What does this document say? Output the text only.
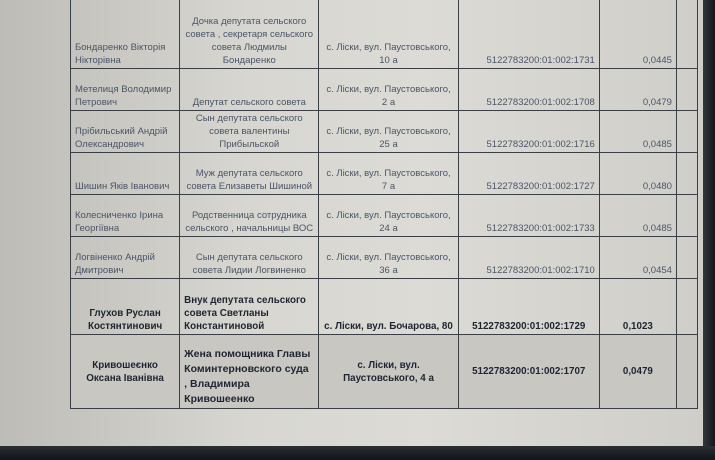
Бондаренко Вікторія Нікторівна	Дочка депутата сельского совета , секретаря сельского совета Людмилы Бондаренко	с. Ліски, вул. Паустовського, 10 а	5122783200:01:002:1731	0,0445	
Метелиця Володимир Петрович	Депутат сельского совета	с. Ліски, вул. Паустовського, 2 а	5122783200:01:002:1708	0,0479	
Прібильський Андрій Олександрович	Сын депутата сельского совета валентины Прибыльской	с. Ліски, вул. Паустовського, 25 а	5122783200:01:002:1716	0,0485	
Шишин Яків Іванович	Муж депутата сельского совета Елизаветы Шишиной	с. Ліски, вул. Паустовського, 7 а	5122783200:01:002:1727	0,0480	
Колесниченко Ірина Георгіївна	Родственница сотрудника сельского , начальницы ВОС	с. Ліски, вул. Паустовського, 24 а	5122783200:01:002:1733	0,0485	
Логвіненко Андрій Дмитрович	Сын депутата сельского совета Лидии Логвиненко	с. Ліски, вул. Паустовського, 36 а	5122783200:01:002:1710	0,0454	
Глухов Руслан Костянтинович	Внук депутата сельского совета Светланы Константиновой	с. Ліски, вул. Бочарова, 80	5122783200:01:002:1729	0,1023	
Кривошеєнко Оксана Іванівна	Жена помощника Главы Коминтерновского суда , Владимира Кривошеенко	с. Ліски, вул. Паустовського, 4 а	5122783200:01:002:1707	0,0479	
